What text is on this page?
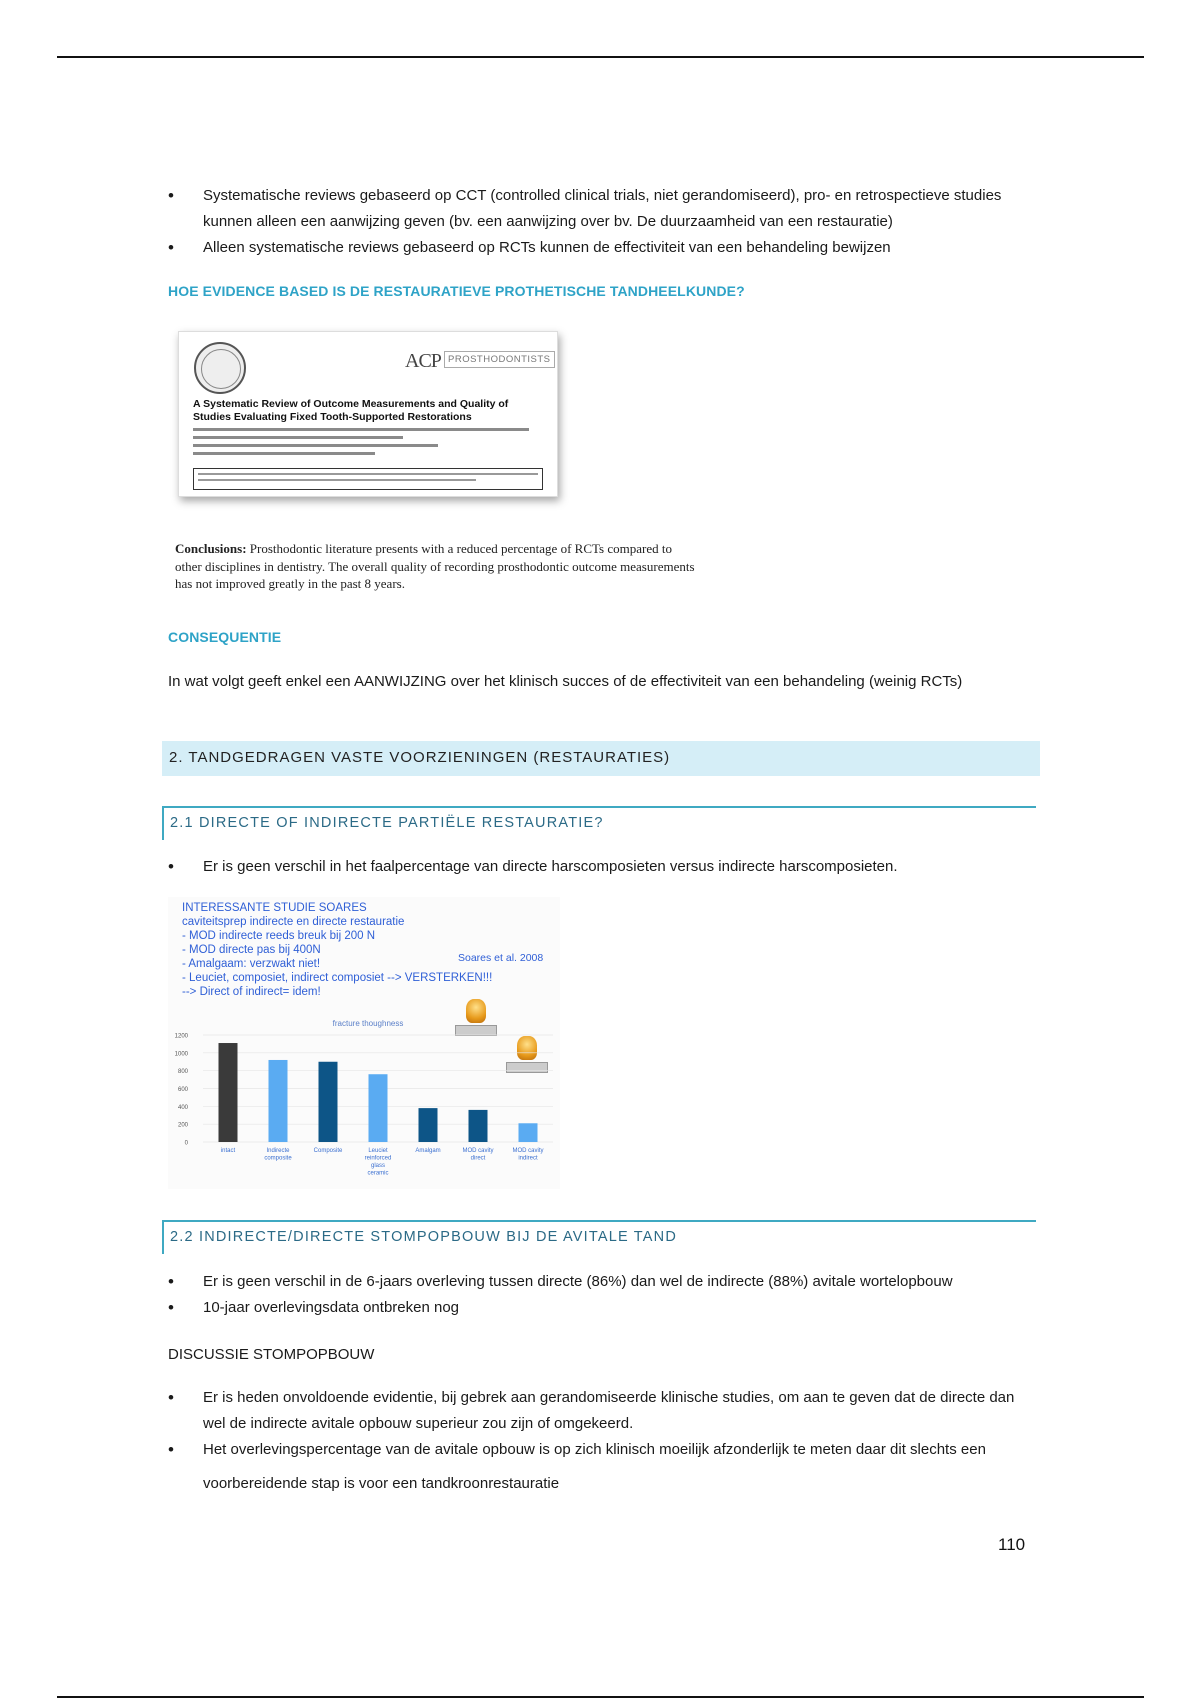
• Systematische reviews gebaseerd op CCT (controlled clinical trials, niet gerandomiseerd), pro- en retrospectieve studies kunnen alleen een aanwijzing geven (bv. een aanwijzing over bv. De duurzaamheid van een restauratie)
• Alleen systematische reviews gebaseerd op RCTs kunnen de effectiviteit van een behandeling bewijzen
HOE EVIDENCE BASED IS DE RESTAURATIEVE PROTHETISCHE TANDHEELKUNDE?
ACP PROSTHODONTISTS
A Systematic Review of Outcome Measurements and Quality of Studies Evaluating Fixed Tooth-Supported Restorations
Conclusions: Prosthodontic literature presents with a reduced percentage of RCTs compared to other disciplines in dentistry. The overall quality of recording prosthodontic outcome measurements has not improved greatly in the past 8 years.
CONSEQUENTIE
In wat volgt geeft enkel een AANWIJZING over het klinisch succes of de effectiviteit van een behandeling (weinig RCTs)
2. TANDGEDRAGEN VASTE VOORZIENINGEN (RESTAURATIES)
2.1 DIRECTE OF INDIRECTE PARTIËLE RESTAURATIE?
• Er is geen verschil in het faalpercentage van directe harscomposieten versus indirecte harscomposieten.
INTERESSANTE STUDIE SOARES
caviteitsprep indirecte en directe restauratie
- MOD indirecte reeds breuk bij 200 N
- MOD directe pas bij 400N
- Amalgaam: verzwakt niet!
- Leuciet, composiet, indirect composiet --> VERSTERKEN!!!
--> Direct of indirect= idem!
Soares et al. 2008
0
200
400
600
800
1000
1200
intact	Indirecte composite
Composite	Leuciet reinforced glass ceramic
Amalgam	MOD cavity direct
MOD cavity indirect
fracture thoughness
2.2 INDIRECTE/DIRECTE STOMPOPBOUW BIJ DE AVITALE TAND
• Er is geen verschil in de 6-jaars overleving tussen directe (86%) dan wel de indirecte (88%) avitale wortelopbouw
• 10-jaar overlevingsdata ontbreken nog
DISCUSSIE STOMPOPBOUW
• Er is heden onvoldoende evidentie, bij gebrek aan gerandomiseerde klinische studies, om aan te geven dat de directe dan wel de indirecte avitale opbouw superieur zou zijn of omgekeerd.
• Het overlevingspercentage van de avitale opbouw is op zich klinisch moeilijk afzonderlijk te meten daar dit slechts een voorbereidende stap is voor een tandkroonrestauratie
110
